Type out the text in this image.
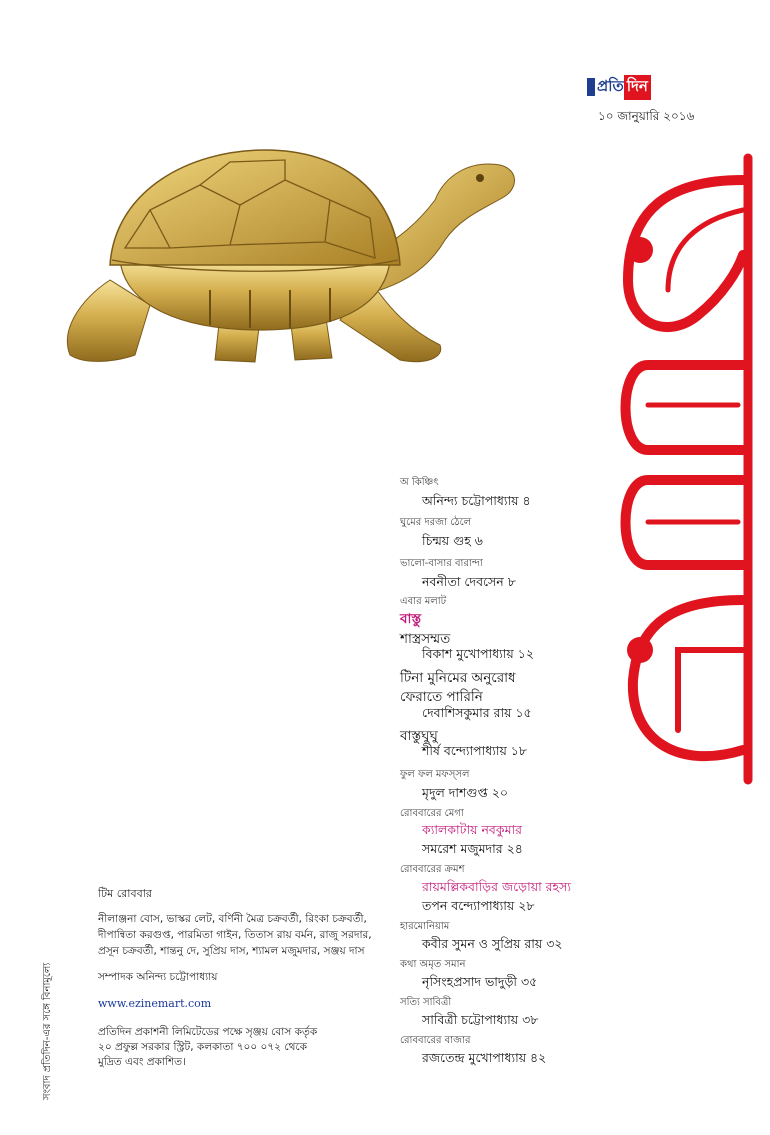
প্রতি দিন
১০ জানুয়ারি ২০১৬
অ কিঞ্চিৎ
অনিন্দ্য চট্টোপাধ্যায় ৪
ঘুমের দরজা ঠেলে
চিন্ময় গুহ ৬
ভালো-বাসার বারান্দা
নবনীতা দেবসেন ৮
এবার মলাট
বাস্তু
শাস্ত্রসম্মত
বিকাশ মুখোপাধ্যায় ১২
টিনা মুনিমের অনুরোধ
ফেরাতে পারিনি
দেবাশিসকুমার রায় ১৫
বাস্তুঘুঘু
শীর্ষ বন্দ্যোপাধ্যায় ১৮
ফুল ফল মফস্সল
মৃদুল দাশগুপ্ত ২০
রোববারের মেগা
ক্যালকাটায় নবকুমার
সমরেশ মজুমদার ২৪
রোববারের ক্রমশ
রায়মল্লিকবাড়ির জড়োয়া রহস্য
তপন বন্দ্যোপাধ্যায় ২৮
হারমোনিয়াম
কবীর সুমন ও সুপ্রিয় রায় ৩২
কথা অমৃত সমান
নৃসিংহপ্রসাদ ভাদুড়ী ৩৫
সত্যি সাবিত্রী
সাবিত্রী চট্টোপাধ্যায় ৩৮
রোববারের বাজার
রজতেন্দ্র মুখোপাধ্যায় ৪২
টিম রোববার
নীলাঞ্জনা বোস, ভাস্কর লেট, বর্ণিনী মৈত্র চক্রবর্তী, রিংকা চক্রবর্তী,
দীপান্বিতা করগুপ্ত, পারমিতা গাইন, তিতাস রায় বর্মন, রাজু সরদার,
প্রসূন চক্রবর্তী, শান্তনু দে, সুপ্রিয় দাস, শ্যামল মজুমদার, সঞ্জয় দাস
সম্পাদক অনিন্দ্য চট্টোপাধ্যায়
www.ezinemart.com
প্রতিদিন প্রকাশনী লিমিটেডের পক্ষে সৃঞ্জয় বোস কর্তৃক
২০ প্রফুল্ল সরকার স্ট্রিট, কলকাতা ৭০০ ০৭২ থেকে
মুদ্রিত এবং প্রকাশিত।
সংবাদ প্রতিদিন-এর সঙ্গে বিনামূল্যে
